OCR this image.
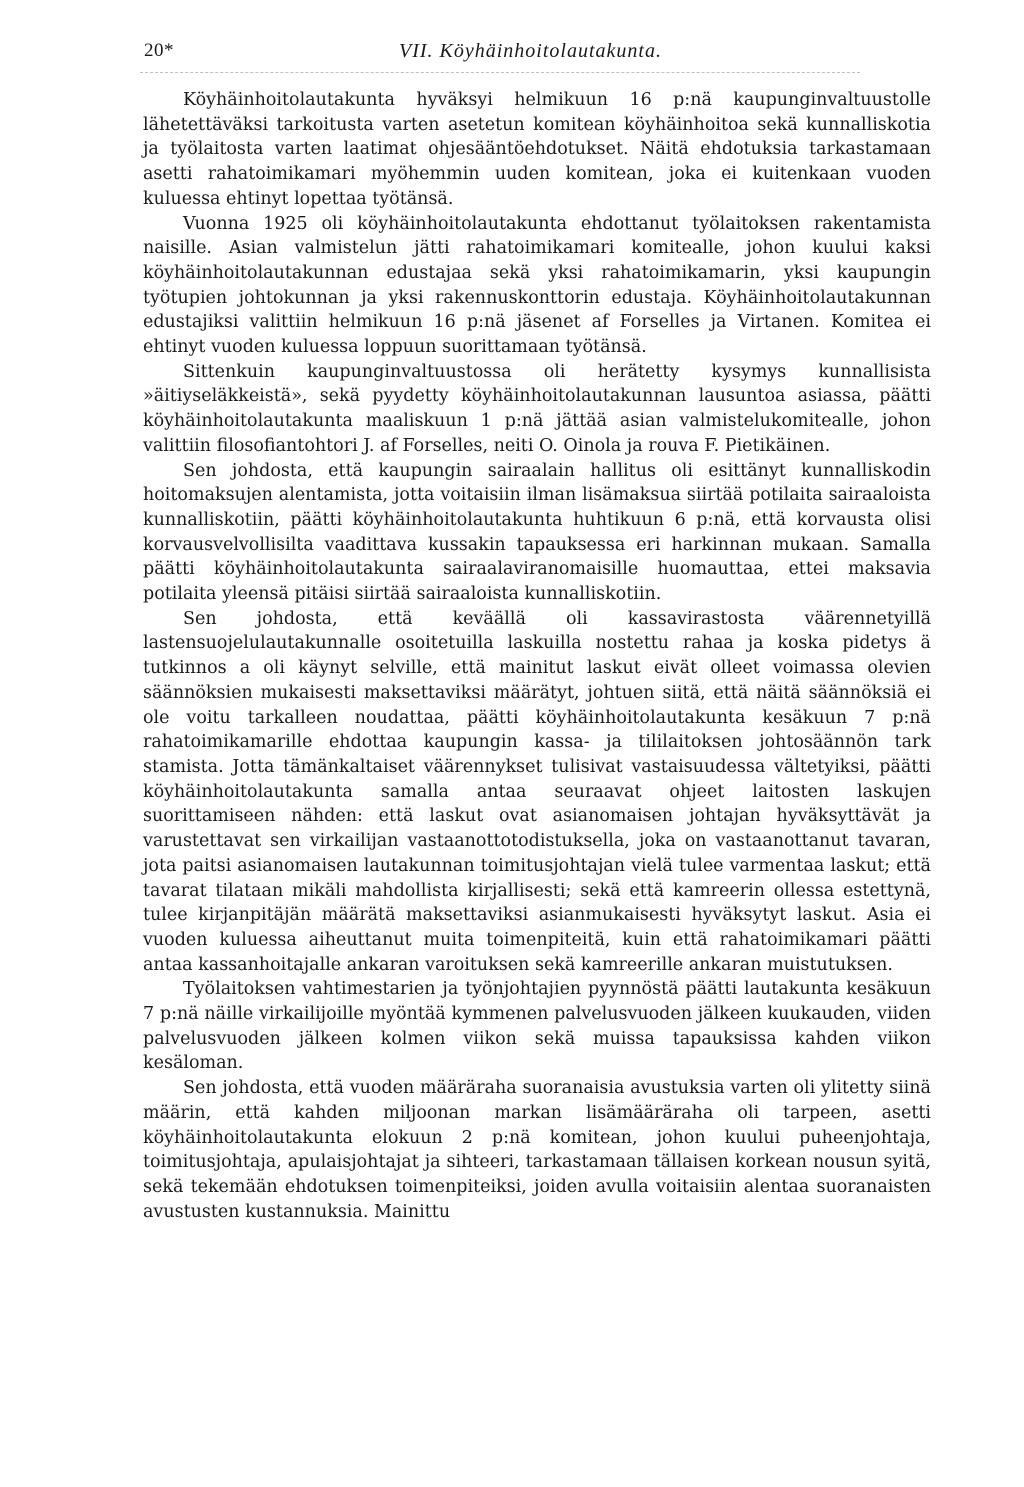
20*	VII. Köyhäinhoitolautakunta.

Köyhäinhoitolautakunta hyväksyi helmikuun 16 p:nä kaupunginvaltuustolle lähetettäväksi tarkoitusta varten asetetun komitean köyhäinhoitoa sekä kunnalliskotia ja työlaitosta varten laatimat ohjesääntöehdotukset. Näitä ehdotuksia tarkastamaan asetti rahatoimikamari myöhemmin uuden komitean, joka ei kuitenkaan vuoden kuluessa ehtinyt lopettaa työtänsä.

Vuonna 1925 oli köyhäinhoitolautakunta ehdottanut työlaitoksen rakentamista naisille. Asian valmistelun jätti rahatoimikamari komitealle, johon kuului kaksi köyhäinhoitolautakunnan edustajaa sekä yksi rahatoimikamarin, yksi kaupungin työtupien johtokunnan ja yksi rakennuskonttorin edustaja. Köyhäinhoitolautakunnan edustajiksi valittiin helmikuun 16 p:nä jäsenet af Forselles ja Virtanen. Komitea ei ehtinyt vuoden kuluessa loppuun suorittamaan työtänsä.

Sittenkuin kaupunginvaltuustossa oli herätetty kysymys kunnallisista »äitiyseläkkeistä», sekä pyydetty köyhäinhoitolautakunnan lausuntoa asiassa, päätti köyhäinhoitolautakunta maaliskuun 1 p:nä jättää asian valmistelukomitealle, johon valittiin filosofiantohtori J. af Forselles, neiti O. Oinola ja rouva F. Pietikäinen.

Sen johdosta, että kaupungin sairaalain hallitus oli esittänyt kunnalliskodin hoitomaksujen alentamista, jotta voitaisiin ilman lisämaksua siirtää potilaita sairaaloista kunnalliskotiin, päätti köyhäinhoitolautakunta huhtikuun 6 p:nä, että korvausta olisi korvausvelvollisilta vaadittava kussakin tapauksessa eri harkinnan mukaan. Samalla päätti köyhäinhoitolautakunta sairaalaviranomaisille huomauttaa, ettei maksavia potilaita yleensä pitäisi siirtää sairaaloista kunnalliskotiin.

Sen johdosta, että keväällä oli kassavirastosta väärennetyillä lastensuojelulautakunnalle osoitetuilla laskuilla nostettu rahaa ja koska pidetys ä tutkinnos a oli käynyt selville, että mainitut laskut eivät olleet voimassa olevien säännöksien mukaisesti maksettaviksi määrätyt, johtuen siitä, että näitä säännöksiä ei ole voitu tarkalleen noudattaa, päätti köyhäinhoitolautakunta kesäkuun 7 p:nä rahatoimikamarille ehdottaa kaupungin kassa- ja tililaitoksen johtosäännön tark stamista. Jotta tämänkaltaiset väärennykset tulisivat vastaisuudessa vältetyiksi, päätti köyhäinhoitolautakunta samalla antaa seuraavat ohjeet laitosten laskujen suorittamiseen nähden: että laskut ovat asianomaisen johtajan hyväksyttävät ja varustettavat sen virkailijan vastaanottotodistuksella, joka on vastaanottanut tavaran, jota paitsi asianomaisen lautakunnan toimitusjohtajan vielä tulee varmentaa laskut; että tavarat tilataan mikäli mahdollista kirjallisesti; sekä että kamreerin ollessa estettynä, tulee kirjanpitäjän määrätä maksettaviksi asianmukaisesti hyväksytyt laskut. Asia ei vuoden kuluessa aiheuttanut muita toimenpiteitä, kuin että rahatoimikamari päätti antaa kassanhoitajalle ankaran varoituksen sekä kamreerille ankaran muistutuksen.

Työlaitoksen vahtimestarien ja työnjohtajien pyynnöstä päätti lautakunta kesäkuun 7 p:nä näille virkailijoille myöntää kymmenen palvelusvuoden jälkeen kuukauden, viiden palvelusvuoden jälkeen kolmen viikon sekä muissa tapauksissa kahden viikon kesäloman.

Sen johdosta, että vuoden määräraha suoranaisia avustuksia varten oli ylitetty siinä määrin, että kahden miljoonan markan lisämääräraha oli tarpeen, asetti köyhäinhoitolautakunta elokuun 2 p:nä komitean, johon kuului puheenjohtaja, toimitusjohtaja, apulaisjohtajat ja sihteeri, tarkastamaan tällaisen korkean nousun syitä, sekä tekemään ehdotuksen toimenpiteiksi, joiden avulla voitaisiin alentaa suoranaisten avustusten kustannuksia. Mainittu
